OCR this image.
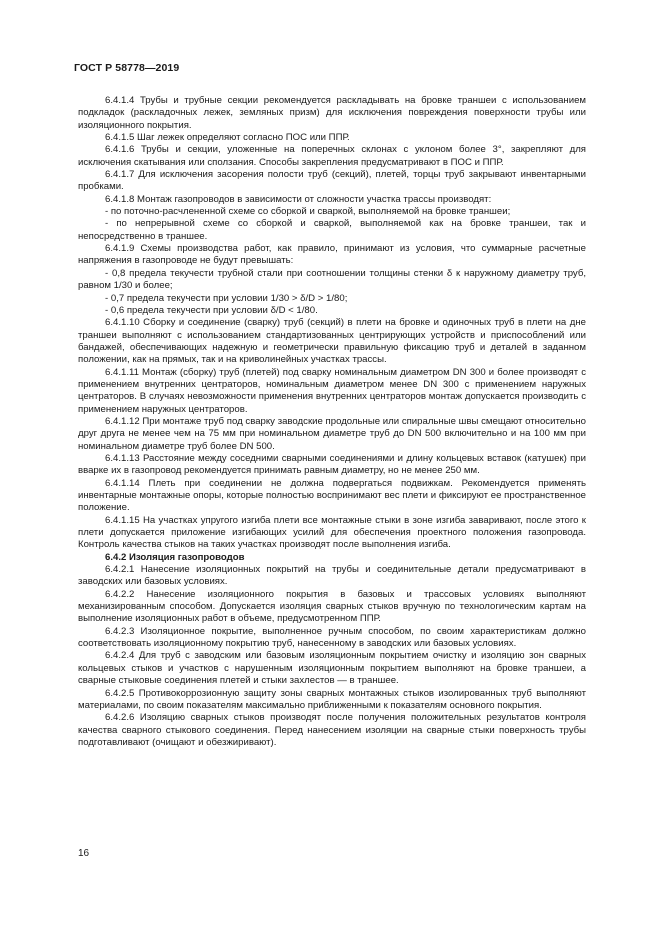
ГОСТ Р 58778—2019

6.4.1.4 Трубы и трубные секции рекомендуется раскладывать на бровке траншеи с использованием подкладок (раскладочных лежек, земляных призм) для исключения повреждения поверхности трубы или изоляционного покрытия.

6.4.1.5 Шаг лежек определяют согласно ПОС или ППР.

6.4.1.6 Трубы и секции, уложенные на поперечных склонах с уклоном более 3°, закрепляют для исключения скатывания или сползания. Способы закрепления предусматривают в ПОС и ППР.

6.4.1.7 Для исключения засорения полости труб (секций), плетей, торцы труб закрывают инвентарными пробками.

6.4.1.8 Монтаж газопроводов в зависимости от сложности участка трассы производят:

- по поточно-расчлененной схеме со сборкой и сваркой, выполняемой на бровке траншеи;

- по непрерывной схеме со сборкой и сваркой, выполняемой как на бровке траншеи, так и непосредственно в траншее.

6.4.1.9 Схемы производства работ, как правило, принимают из условия, что суммарные расчетные напряжения в газопроводе не будут превышать:

- 0,8 предела текучести трубной стали при соотношении толщины стенки δ к наружному диаметру труб, равном 1/30 и более;

- 0,7 предела текучести при условии 1/30 > δ/D > 1/80;

- 0,6 предела текучести при условии δ/D < 1/80.

6.4.1.10 Сборку и соединение (сварку) труб (секций) в плети на бровке и одиночных труб в плети на дне траншеи выполняют с использованием стандартизованных центрирующих устройств и приспособлений или бандажей, обеспечивающих надежную и геометрически правильную фиксацию труб и деталей в заданном положении, как на прямых, так и на криволинейных участках трассы.

6.4.1.11 Монтаж (сборку) труб (плетей) под сварку номинальным диаметром DN 300 и более производят с применением внутренних центраторов, номинальным диаметром менее DN 300 с применением наружных центраторов. В случаях невозможности применения внутренних центраторов монтаж допускается производить с применением наружных центраторов.

6.4.1.12 При монтаже труб под сварку заводские продольные или спиральные швы смещают относительно друг друга не менее чем на 75 мм при номинальном диаметре труб до DN 500 включительно и на 100 мм при номинальном диаметре труб более DN 500.

6.4.1.13 Расстояние между соседними сварными соединениями и длину кольцевых вставок (катушек) при вварке их в газопровод рекомендуется принимать равным диаметру, но не менее 250 мм.

6.4.1.14 Плеть при соединении не должна подвергаться подвижкам. Рекомендуется применять инвентарные монтажные опоры, которые полностью воспринимают вес плети и фиксируют ее пространственное положение.

6.4.1.15 На участках упругого изгиба плети все монтажные стыки в зоне изгиба заваривают, после этого к плети допускается приложение изгибающих усилий для обеспечения проектного положения газопровода. Контроль качества стыков на таких участках производят после выполнения изгиба.

6.4.2 Изоляция газопроводов

6.4.2.1 Нанесение изоляционных покрытий на трубы и соединительные детали предусматривают в заводских или базовых условиях.

6.4.2.2 Нанесение изоляционного покрытия в базовых и трассовых условиях выполняют механизированным способом. Допускается изоляция сварных стыков вручную по технологическим картам на выполнение изоляционных работ в объеме, предусмотренном ППР.

6.4.2.3 Изоляционное покрытие, выполненное ручным способом, по своим характеристикам должно соответствовать изоляционному покрытию труб, нанесенному в заводских или базовых условиях.

6.4.2.4 Для труб с заводским или базовым изоляционным покрытием очистку и изоляцию зон сварных кольцевых стыков и участков с нарушенным изоляционным покрытием выполняют на бровке траншеи, а сварные стыковые соединения плетей и стыки захлестов — в траншее.

6.4.2.5 Противокоррозионную защиту зоны сварных монтажных стыков изолированных труб выполняют материалами, по своим показателям максимально приближенными к показателям основного покрытия.

6.4.2.6 Изоляцию сварных стыков производят после получения положительных результатов контроля качества сварного стыкового соединения. Перед нанесением изоляции на сварные стыки поверхность трубы подготавливают (очищают и обезжиривают).

16
